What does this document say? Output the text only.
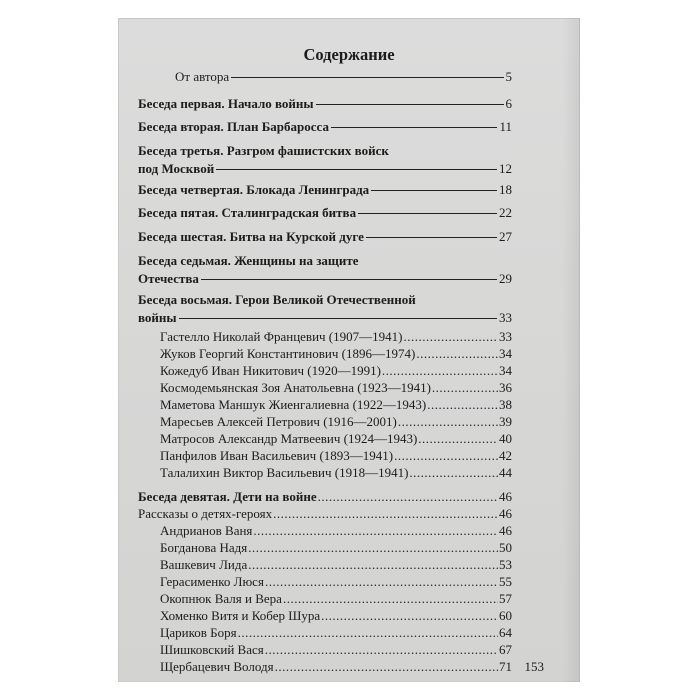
Содержание
От автора	5
Беседа первая. Начало войны	6
Беседа вторая. План Барбаросса	11
Беседа третья. Разгром фашистских войск
под Москвой	12
Беседа четвертая. Блокада Ленинграда	18
Беседа пятая. Сталинградская битва	22
Беседа шестая. Битва на Курской дуге	27
Беседа седьмая. Женщины на защите
Отечества	29
Беседа восьмая. Герои Великой Отечественной
войны	33
Гастелло Николай Францевич (1907—1941) .....	33
Жуков Георгий Константинович (1896—1974) .....	34
Кожедуб Иван Никитович (1920—1991) .....	34
Космодемьянская Зоя Анатольевна (1923—1941) .....	36
Маметова Маншук Жиенгалиевна (1922—1943) .....	38
Маресьев Алексей Петрович (1916—2001) .....	39
Матросов Александр Матвеевич (1924—1943) .....	40
Панфилов Иван Васильевич (1893—1941) .....	42
Талалихин Виктор Васильевич (1918—1941) .....	44
Беседа девятая. Дети на войне .....	46
Рассказы о детях-героях .....	46
Андрианов Ваня .....	46
Богданова Надя .....	50
Вашкевич Лида .....	53
Герасименко Люся .....	55
Окопнюк Валя и Вера .....	57
Хоменко Витя и Кобер Шура .....	60
Цариков Боря .....	64
Шишковский Вася .....	67
Щербацевич Володя .....	71 153
